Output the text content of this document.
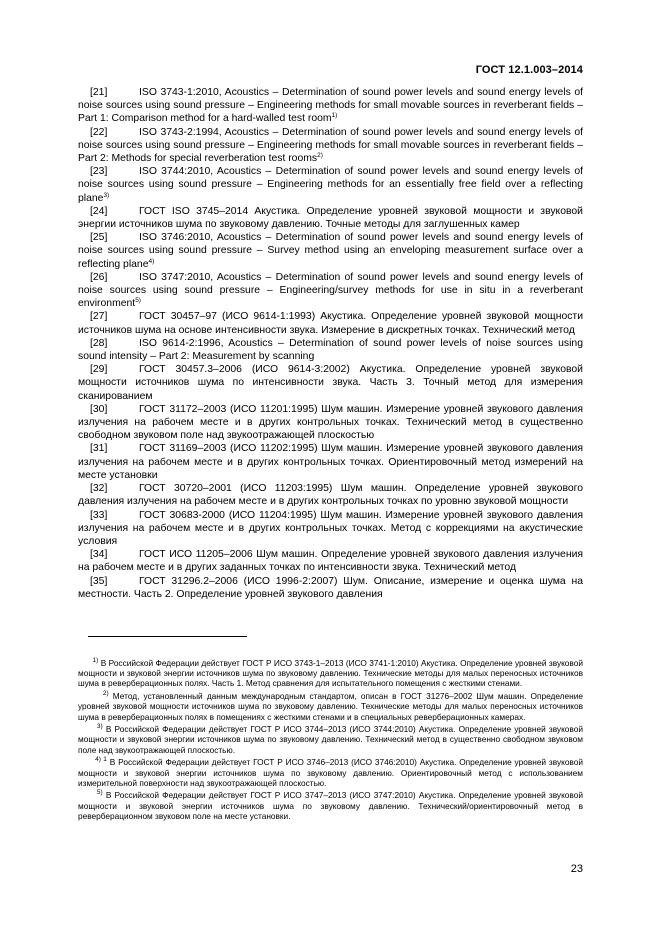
ГОСТ 12.1.003–2014

[21]	ISO 3743-1:2010, Acoustics – Determination of sound power levels and sound energy levels of noise sources using sound pressure – Engineering methods for small movable sources in reverberant fields – Part 1: Comparison method for a hard-walled test room$^{1)}$

[22]	ISO 3743-2:1994, Acoustics – Determination of sound power levels and sound energy levels of noise sources using sound pressure – Engineering methods for small movable sources in reverberant fields – Part 2: Methods for special reverberation test rooms$^{2)}$

[23]	ISO 3744:2010, Acoustics – Determination of sound power levels and sound energy levels of noise sources using sound pressure – Engineering methods for an essentially free field over a reflecting plane$^{3)}$

[24]	ГОСТ ISO 3745–2014 Акустика. Определение уровней звуковой мощности и звуковой энергии источников шума по звуковому давлению. Точные методы для заглушенных камер

[25]	ISO 3746:2010, Acoustics – Determination of sound power levels and sound energy levels of noise sources using sound pressure – Survey method using an enveloping measurement surface over a reflecting plane$^{4)}$

[26]	ISO 3747:2010, Acoustics – Determination of sound power levels and sound energy levels of noise sources using sound pressure – Engineering/survey methods for use in situ in a reverberant environment$^{5)}$

[27]	ГОСТ 30457–97 (ИСО 9614-1:1993) Акустика. Определение уровней звуковой мощности источников шума на основе интенсивности звука. Измерение в дискретных точках. Технический метод

[28]	ISO 9614-2:1996, Acoustics – Determination of sound power levels of noise sources using sound intensity – Part 2: Measurement by scanning

[29]	ГОСТ 30457.3–2006 (ИСО 9614-3:2002) Акустика. Определение уровней звуковой мощности источников шума по интенсивности звука. Часть 3. Точный метод для измерения сканированием

[30]	ГОСТ 31172–2003 (ИСО 11201:1995) Шум машин. Измерение уровней звукового давления излучения на рабочем месте и в других контрольных точках. Технический метод в существенно свободном звуковом поле над звукоотражающей плоскостью

[31]	ГОСТ 31169–2003 (ИСО 11202:1995) Шум машин. Измерение уровней звукового давления излучения на рабочем месте и в других контрольных точках. Ориентировочный метод измерений на месте установки

[32]	ГОСТ 30720–2001 (ИСО 11203:1995) Шум машин. Определение уровней звукового давления излучения на рабочем месте и в других контрольных точках по уровню звуковой мощности

[33]	ГОСТ 30683-2000 (ИСО 11204:1995) Шум машин. Измерение уровней звукового давления излучения на рабочем месте и в других контрольных точках. Метод с коррекциями на акустические условия

[34]	ГОСТ ИСО 11205–2006 Шум машин. Определение уровней звукового давления излучения на рабочем месте и в других заданных точках по интенсивности звука. Технический метод

[35]	ГОСТ 31296.2–2006 (ИСО 1996-2:2007) Шум. Описание, измерение и оценка шума на местности. Часть 2. Определение уровней звукового давления

$^{1)}$ В Российской Федерации действует ГОСТ Р ИСО 3743-1–2013 (ИСО 3741-1:2010) Акустика. Определение уровней звуковой мощности и звуковой энергии источников шума по звуковому давлению. Технические методы для малых переносных источников шума в реверберационных полях. Часть 1. Метод сравнения для испытательного помещения с жесткими стенами.

$^{2)}$ Метод, установленный данным международным стандартом, описан в ГОСТ 31276–2002 Шум машин. Определение уровней звуковой мощности источников шума по звуковому давлению. Технические методы для малых переносных источников шума в реверберационных полях в помещениях с жесткими стенами и в специальных реверберационных камерах.

$^{3)}$ В Российской Федерации действует ГОСТ Р ИСО 3744–2013 (ИСО 3744:2010) Акустика. Определение уровней звуковой мощности и звуковой энергии источников шума по звуковому давлению. Технический метод в существенно свободном звуковом поле над звукоотражающей плоскостью.

$^{4) 1}$ В Российской Федерации действует ГОСТ Р ИСО 3746–2013 (ИСО 3746:2010) Акустика. Определение уровней звуковой мощности и звуковой энергии источников шума по звуковому давлению. Ориентировочный метод с использованием измерительной поверхности над звукоотражающей плоскостью.

$^{5)}$ В Российской Федерации действует ГОСТ Р ИСО 3747–2013 (ИСО 3747:2010) Акустика. Определение уровней звуковой мощности и звуковой энергии источников шума по звуковому давлению. Технический/ориентировочный метод в реверберационном звуковом поле на месте установки.

23
